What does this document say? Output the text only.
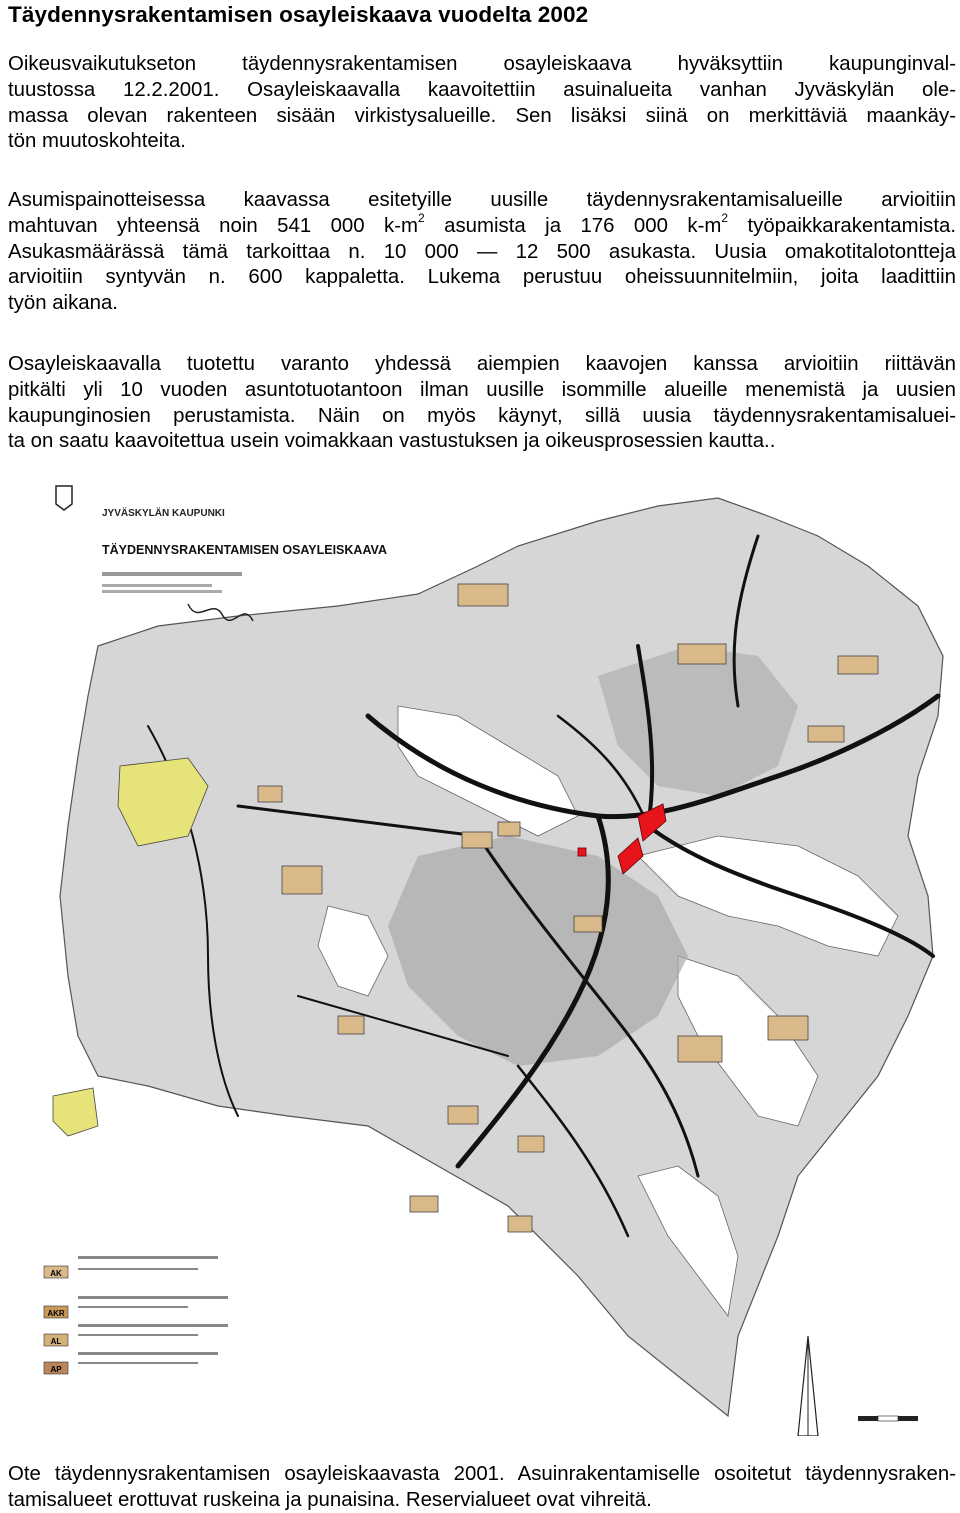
Täydennysrakentamisen osayleiskaava vuodelta 2002
Oikeusvaikutukseton täydennysrakentamisen osayleiskaava hyväksyttiin kaupunginval-
tuustossa 12.2.2001. Osayleiskaavalla kaavoitettiin asuinalueita vanhan Jyväskylän ole-
massa olevan rakenteen sisään virkistysalueille. Sen lisäksi siinä on merkittäviä maankäy-
tön muutoskohteita.
Asumispainotteisessa kaavassa esitetyille uusille täydennysrakentamisalueille arvioitiin
mahtuvan yhteensä noin 541 000 $k-m^2$ asumista ja 176 000 $k-m^2$ työpaikkarakentamista.
Asukasmäärässä tämä tarkoittaa n. 10 000 — 12 500 asukasta. Uusia omakotitalotontteja
arvioitiin syntyvän n. 600 kappaletta. Lukema perustuu oheissuunnitelmiin, joita laadittiin
työn aikana.
Osayleiskaavalla tuotettu varanto yhdessä aiempien kaavojen kanssa arvioitiin riittävän
pitkälti yli 10 vuoden asuntotuotantoon ilman uusille isommille alueille menemistä ja uusien
kaupunginosien perustamista. Näin on myös käynyt, sillä uusia täydennysrakentamisaluei-
ta on saatu kaavoitettua usein voimakkaan vastustuksen ja oikeusprosessien kautta..
JYVÄSKYLÄN KAUPUNKI
TÄYDENNYSRAKENTAMISEN OSAYLEISKAAVA
AK
AKR
AL
AP
Ote täydennysrakentamisen osayleiskaavasta 2001. Asuinrakentamiselle osoitetut täydennysraken-
tamisalueet erottuvat ruskeina ja punaisina. Reservialueet ovat vihreitä.
